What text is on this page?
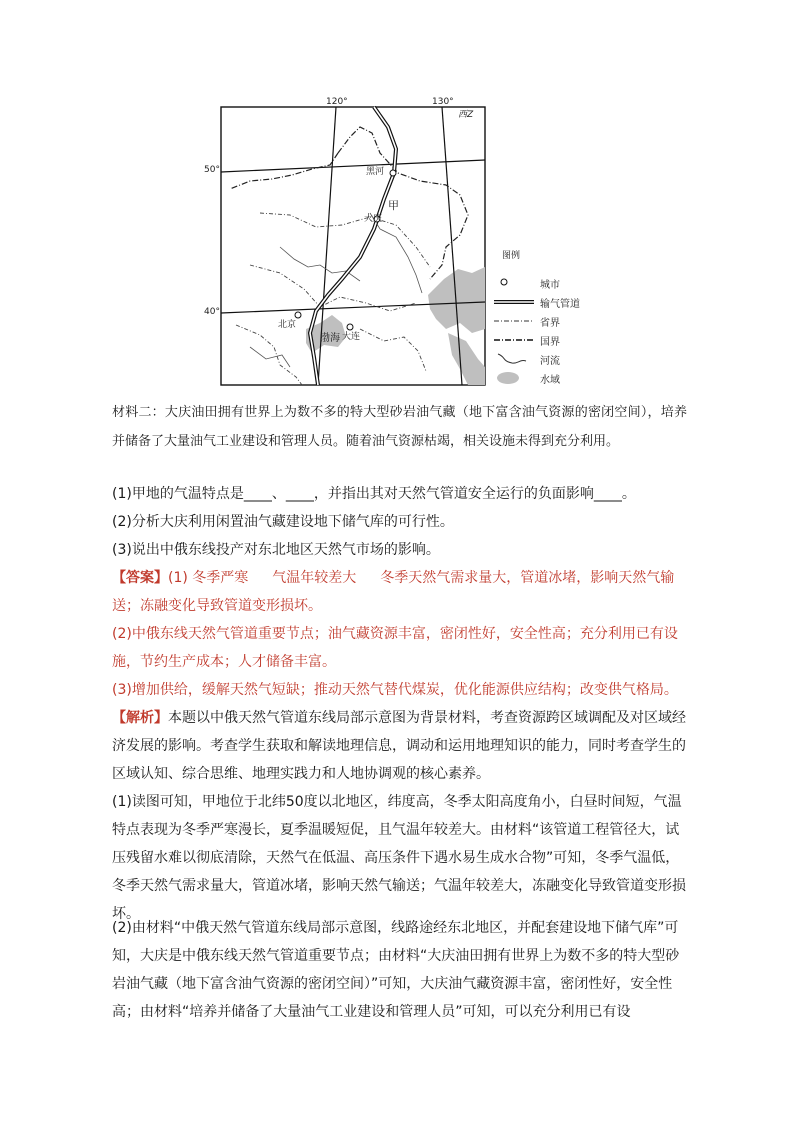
120°	130°
西Z
50°
40°
黑河
甲
大庆
北京
渤海 大连
图例
城市
输气管道
省界
国界
河流
水域
材料二：大庆油田拥有世界上为数不多的特大型砂岩油气藏（地下富含油气资源的密闭空间），培养并储备了大量油气工业建设和管理人员。随着油气资源枯竭，相关设施未得到充分利用。
(1)甲地的气温特点是____、____，并指出其对天然气管道安全运行的负面影响____。
(2)分析大庆利用闲置油气藏建设地下储气库的可行性。
(3)说出中俄东线投产对东北地区天然气市场的影响。
【答案】(1) 冬季严寒 气温年较差大 冬季天然气需求量大，管道冰堵，影响天然气输送；冻融变化导致管道变形损坏。
(2)中俄东线天然气管道重要节点；油气藏资源丰富，密闭性好，安全性高；充分利用已有设施，节约生产成本；人才储备丰富。
(3)增加供给，缓解天然气短缺；推动天然气替代煤炭，优化能源供应结构；改变供气格局。
【解析】本题以中俄天然气管道东线局部示意图为背景材料，考查资源跨区域调配及对区域经济发展的影响。考查学生获取和解读地理信息，调动和运用地理知识的能力，同时考查学生的区域认知、综合思维、地理实践力和人地协调观的核心素养。
(1)读图可知，甲地位于北纬50度以北地区，纬度高，冬季太阳高度角小，白昼时间短，气温特点表现为冬季严寒漫长，夏季温暖短促，且气温年较差大。由材料“该管道工程管径大，试压残留水难以彻底清除，天然气在低温、高压条件下遇水易生成水合物”可知，冬季气温低，冬季天然气需求量大，管道冰堵，影响天然气输送；气温年较差大，冻融变化导致管道变形损坏。
(2)由材料“中俄天然气管道东线局部示意图，线路途经东北地区，并配套建设地下储气库”可知，大庆是中俄东线天然气管道重要节点；由材料“大庆油田拥有世界上为数不多的特大型砂岩油气藏（地下富含油气资源的密闭空间）”可知，大庆油气藏资源丰富，密闭性好，安全性高；由材料“培养并储备了大量油气工业建设和管理人员”可知，可以充分利用已有设
